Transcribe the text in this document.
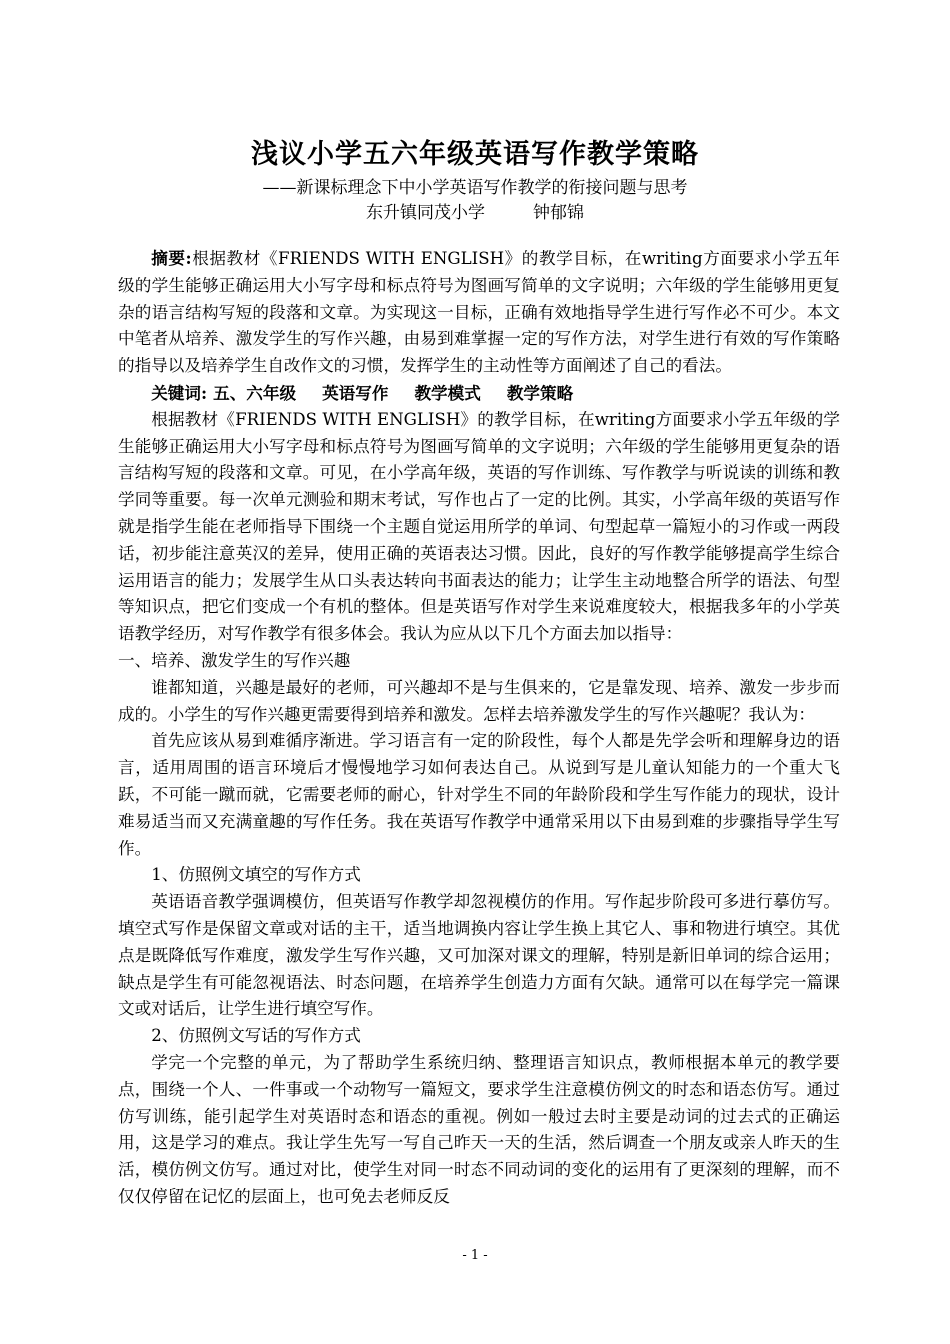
浅议小学五六年级英语写作教学策略
——新课标理念下中小学英语写作教学的衔接问题与思考
东升镇同茂小学	钟郁锦

摘要:根据教材《FRIENDS WITH ENGLISH》的教学目标，在writing方面要求小学五年级的学生能够正确运用大小写字母和标点符号为图画写简单的文字说明；六年级的学生能够用更复杂的语言结构写短的段落和文章。为实现这一目标，正确有效地指导学生进行写作必不可少。本文中笔者从培养、激发学生的写作兴趣，由易到难掌握一定的写作方法，对学生进行有效的写作策略的指导以及培养学生自改作文的习惯，发挥学生的主动性等方面阐述了自己的看法。

关键词: 五、六年级 英语写作 教学模式 教学策略

根据教材《FRIENDS WITH ENGLISH》的教学目标，在writing方面要求小学五年级的学生能够正确运用大小写字母和标点符号为图画写简单的文字说明；六年级的学生能够用更复杂的语言结构写短的段落和文章。可见，在小学高年级，英语的写作训练、写作教学与听说读的训练和教学同等重要。每一次单元测验和期末考试，写作也占了一定的比例。其实，小学高年级的英语写作就是指学生能在老师指导下围绕一个主题自觉运用所学的单词、句型起草一篇短小的习作或一两段话，初步能注意英汉的差异，使用正确的英语表达习惯。因此，良好的写作教学能够提高学生综合运用语言的能力；发展学生从口头表达转向书面表达的能力；让学生主动地整合所学的语法、句型等知识点，把它们变成一个有机的整体。但是英语写作对学生来说难度较大，根据我多年的小学英语教学经历，对写作教学有很多体会。我认为应从以下几个方面去加以指导：

一、培养、激发学生的写作兴趣

谁都知道，兴趣是最好的老师，可兴趣却不是与生俱来的，它是靠发现、培养、激发一步步而成的。小学生的写作兴趣更需要得到培养和激发。怎样去培养激发学生的写作兴趣呢？我认为：

首先应该从易到难循序渐进。学习语言有一定的阶段性，每个人都是先学会听和理解身边的语言，适用周围的语言环境后才慢慢地学习如何表达自己。从说到写是儿童认知能力的一个重大飞跃，不可能一蹴而就，它需要老师的耐心，针对学生不同的年龄阶段和学生写作能力的现状，设计难易适当而又充满童趣的写作任务。我在英语写作教学中通常采用以下由易到难的步骤指导学生写作。

1、仿照例文填空的写作方式

英语语音教学强调模仿，但英语写作教学却忽视模仿的作用。写作起步阶段可多进行摹仿写。填空式写作是保留文章或对话的主干，适当地调换内容让学生换上其它人、事和物进行填空。其优点是既降低写作难度，激发学生写作兴趣，又可加深对课文的理解，特别是新旧单词的综合运用；缺点是学生有可能忽视语法、时态问题，在培养学生创造力方面有欠缺。通常可以在每学完一篇课文或对话后，让学生进行填空写作。

2、仿照例文写话的写作方式

学完一个完整的单元，为了帮助学生系统归纳、整理语言知识点，教师根据本单元的教学要点，围绕一个人、一件事或一个动物写一篇短文，要求学生注意模仿例文的时态和语态仿写。通过仿写训练，能引起学生对英语时态和语态的重视。例如一般过去时主要是动词的过去式的正确运用，这是学习的难点。我让学生先写一写自己昨天一天的生活，然后调查一个朋友或亲人昨天的生活，模仿例文仿写。通过对比，使学生对同一时态不同动词的变化的运用有了更深刻的理解，而不仅仅停留在记忆的层面上，也可免去老师反反

- 1 -
